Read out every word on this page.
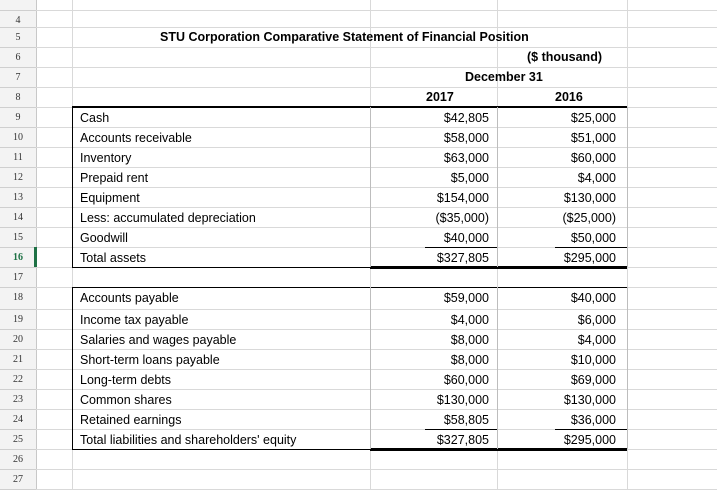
4
5
6
7
8
9
10
11
12
13
14
15
16
17
18
19
20
21
22
23
24
25
26
27
STU Corporation Comparative Statement of Financial Position
($ thousand)
December 31
2017	2016
Cash	$42,805	$25,000
Accounts receivable	$58,000	$51,000
Inventory	$63,000	$60,000
Prepaid rent	$5,000	$4,000
Equipment	$154,000	$130,000
Less: accumulated depreciation	($35,000)	($25,000)
Goodwill	$40,000	$50,000
Total assets	$327,805	$295,000
Accounts payable	$59,000	$40,000
Income tax payable	$4,000	$6,000
Salaries and wages payable	$8,000	$4,000
Short-term loans payable	$8,000	$10,000
Long-term debts	$60,000	$69,000
Common shares	$130,000	$130,000
Retained earnings	$58,805	$36,000
Total liabilities and shareholders' equity	$327,805	$295,000
